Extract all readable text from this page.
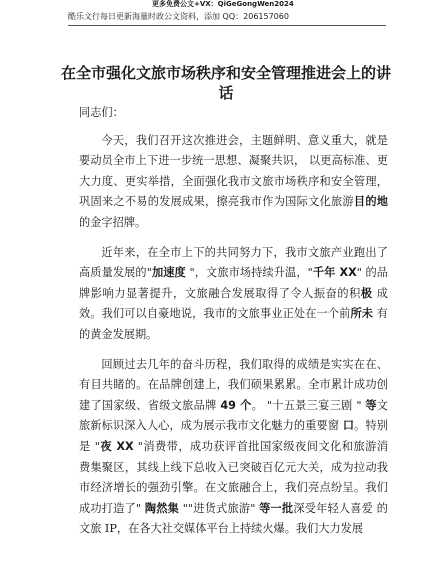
更多免费公文+VX：QiGeGongWen2024
酷乐文行每日更新海量时政公文资料，添加 QQ：206157060
在全市强化文旅市场秩序和安全管理推进会上的讲话

同志们：

今天，我们召开这次推进会，主题鲜明、意义重大，就是要动员全市上下进一步统一思想、凝聚共识， 以更高标准、更 大力度、更实举措，全面强化我市文旅市场秩序和安全管理，巩固来之不易的发展成果，擦亮我市作为国际文化旅游目的地 的金字招牌。

近年来，在全市上下的共同努力下，我市文旅产业跑出了高质量发展的"加速度 "，文旅市场持续升温，"千年 XX" 的品牌影响力显著提升，文旅融合发展取得了令人振奋的积极 成效。我们可以自豪地说，我市的文旅事业正处在一个前所未 有的黄金发展期。

回顾过去几年的奋斗历程，我们取得的成绩是实实在在、有目共睹的。在品牌创建上，我们硕果累累。全市累计成功创建了国家级、省级文旅品牌 49 个。 "十五景三宴三剧 " 等文 旅新标识深入人心，成为展示我市文化魅力的重要窗 口。特别 是 "夜 XX "消费带，成功获评首批国家级夜间文化和旅游消 费集聚区，其线上线下总收入已突破百亿元大关，成为拉动我 市经济增长的强劲引擎。在文旅融合上，我们亮点纷呈。我们 成功打造了" 陶然集 ""进货式旅游" 等一批深受年轻人喜爱 的文旅 IP，在各大社交媒体平台上持续火爆。我们大力发展
